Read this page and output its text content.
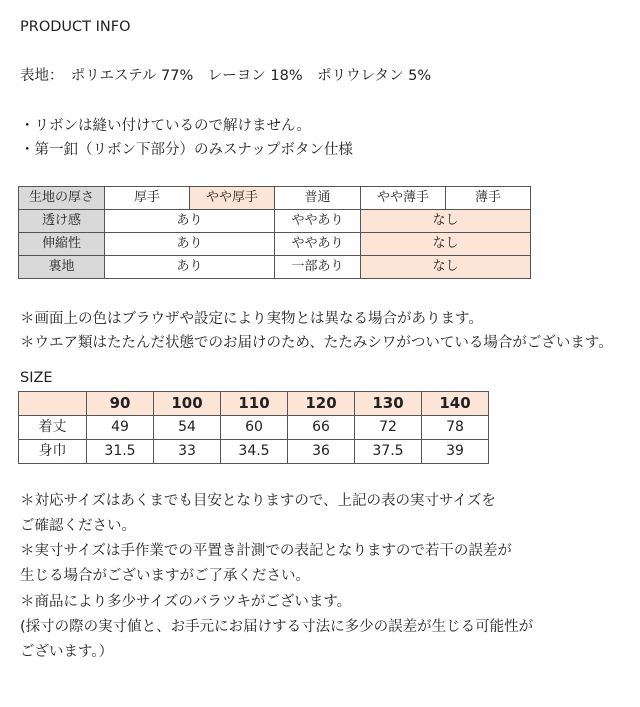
PRODUCT INFO
表地：　ポリエステル 77%　レーヨン 18%　ポリウレタン 5%
・リボンは縫い付けているので解けません。
・第一釦（リボン下部分）のみスナップボタン仕様
生地の厚さ	厚手	やや厚手	普通	やや薄手	薄手
透け感	あり		ややあり	なし	
伸縮性	あり		ややあり	なし	
裏地	あり		一部あり	なし	
＊画面上の色はブラウザや設定により実物とは異なる場合があります。
＊ウエア類はたたんだ状態でのお届けのため、たたみシワがついている場合がございます。
SIZE
	90	100	110	120	130	140
着丈	49	54	60	66	72	78
身巾	31.5	33	34.5	36	37.5	39
＊対応サイズはあくまでも目安となりますので、上記の表の実寸サイズを
ご確認ください。
＊実寸サイズは手作業での平置き計測での表記となりますので若干の誤差が
生じる場合がございますがご了承ください。
＊商品により多少サイズのバラツキがございます。
(採寸の際の実寸値と、お手元にお届けする寸法に多少の誤差が生じる可能性が
ございます。）
